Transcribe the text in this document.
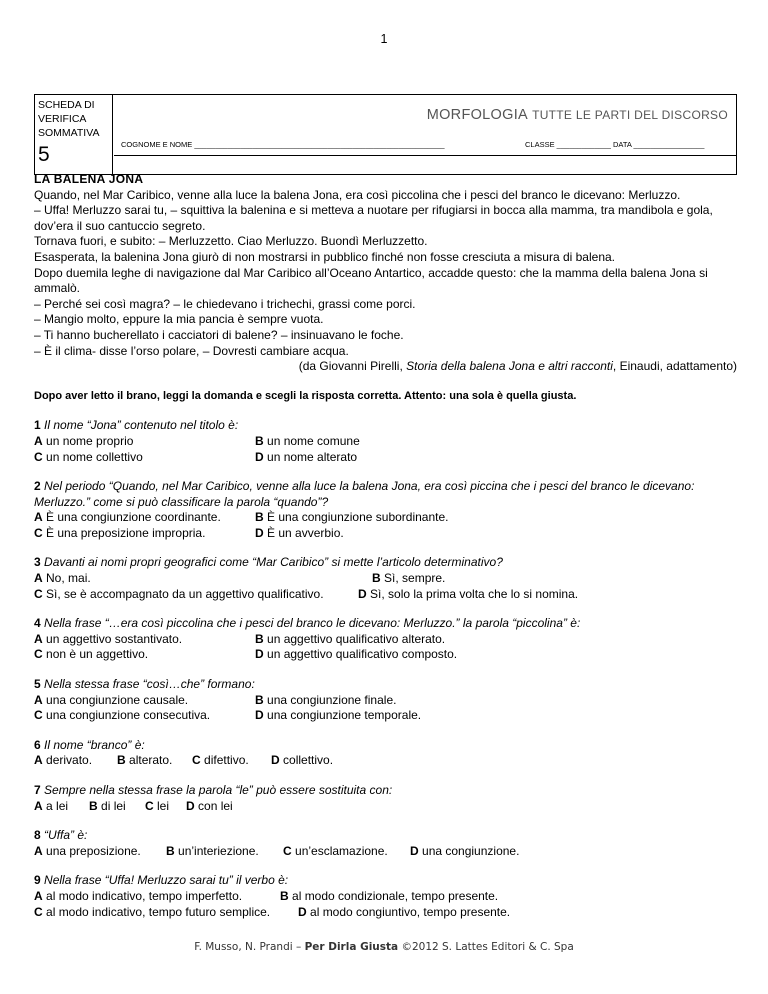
1
SCHEDA DI
VERIFICA
SOMMATIVA
5
MORFOLOGIA TUTTE LE PARTI DEL DISCORSO
COGNOME E NOME ____________________________________________________________	CLASSE _____________ DATA _________________

LA BALENA JONA

Quando, nel Mar Caribico, venne alla luce la balena Jona, era così piccolina che i pesci del branco le dicevano: Merluzzo.

– Uffa! Merluzzo sarai tu, – squittiva la balenina e si metteva a nuotare per rifugiarsi in bocca alla mamma, tra mandibola e gola, dov’era il suo cantuccio segreto.

Tornava fuori, e subito: – Merluzzetto. Ciao Merluzzo. Buondì Merluzzetto.

Esasperata, la balenina Jona giurò di non mostrarsi in pubblico finché non fosse cresciuta a misura di balena.

Dopo duemila leghe di navigazione dal Mar Caribico all’Oceano Antartico, accadde questo: che la mamma della balena Jona si ammalò.

– Perché sei così magra? – le chiedevano i trichechi, grassi come porci.

– Mangio molto, eppure la mia pancia è sempre vuota.

– Ti hanno bucherellato i cacciatori di balene? – insinuavano le foche.

– È il clima- disse l’orso polare, – Dovresti cambiare acqua.

(da Giovanni Pirelli, Storia della balena Jona e altri racconti, Einaudi, adattamento)

Dopo aver letto il brano, leggi la domanda e scegli la risposta corretta. Attento: una sola è quella giusta.

1 Il nome “Jona” contenuto nel titolo è:
A un nome proprio	B un nome comune
C un nome collettivo	D un nome alterato
2 Nel periodo “Quando, nel Mar Caribico, venne alla luce la balena Jona, era così piccina che i pesci del branco le dicevano: Merluzzo.” come si può classificare la parola “quando”?
A È una congiunzione coordinante.	B È una congiunzione subordinante.
C È una preposizione impropria.	D È un avverbio.
3 Davanti ai nomi propri geografici come “Mar Caribico” si mette l’articolo determinativo?
A No, mai.	B Sì, sempre.
C Sì, se è accompagnato da un aggettivo qualificativo.	D Sì, solo la prima volta che lo si nomina.
4 Nella frase “…era così piccolina che i pesci del branco le dicevano: Merluzzo.” la parola “piccolina” è:
A un aggettivo sostantivato.	B un aggettivo qualificativo alterato.
C non è un aggettivo.	D un aggettivo qualificativo composto.
5 Nella stessa frase “così…che” formano:
A una congiunzione causale.	B una congiunzione finale.
C una congiunzione consecutiva.	D una congiunzione temporale.
6 Il nome “branco” è:
A derivato. B alterato. C difettivo. D collettivo.
7 Sempre nella stessa frase la parola “le” può essere sostituita con:
A a lei B di lei C lei D con lei
8 “Uffa” è:
A una preposizione. B un’interiezione. C un’esclamazione. D una congiunzione.
9 Nella frase “Uffa! Merluzzo sarai tu” il verbo è:
A al modo indicativo, tempo imperfetto.	B al modo condizionale, tempo presente.
C al modo indicativo, tempo futuro semplice. D al modo congiuntivo, tempo presente.
F. Musso, N. Prandi – Per Dirla Giusta ©2012 S. Lattes Editori & C. Spa
